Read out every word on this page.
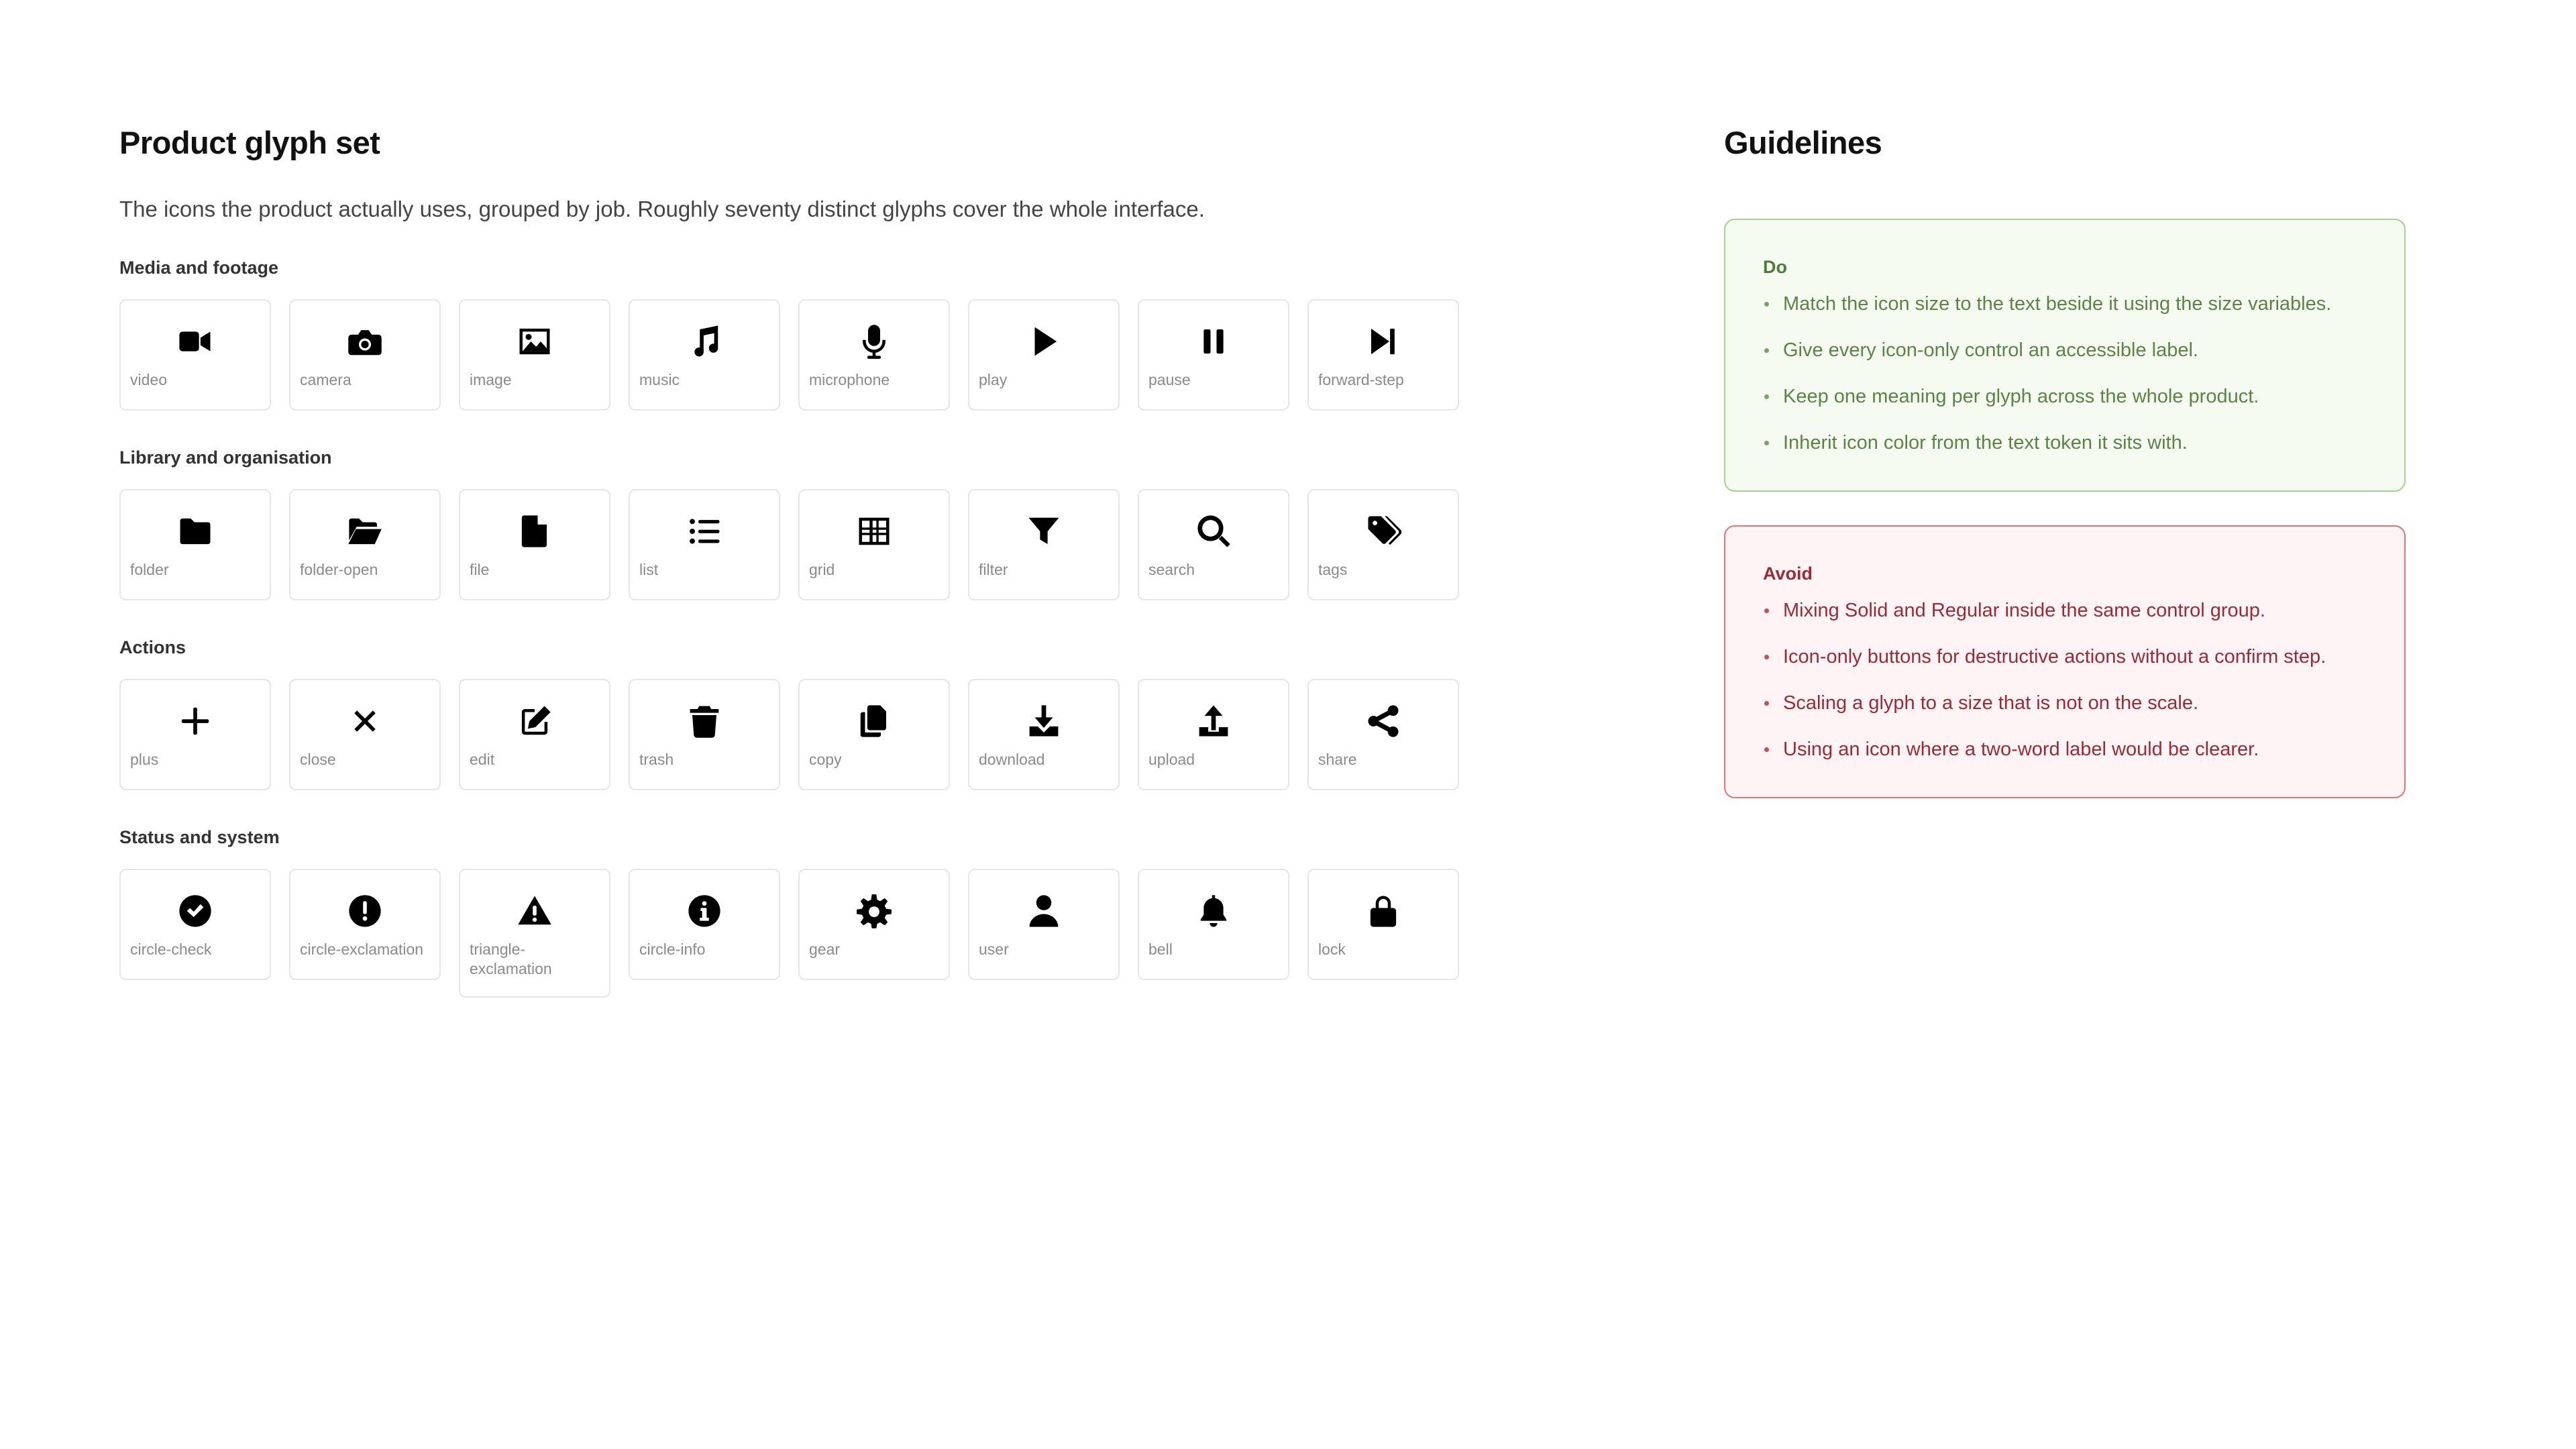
Product glyph set

The icons the product actually uses, grouped by job. Roughly seventy distinct glyphs cover the whole interface.

Media and footage
video	camera	image	music	microphone	play	pause	forward-step
Library and organisation
folder	folder-open	file	list	grid	filter	search	tags
Actions
plus	close	edit	trash	copy	download	upload	share
Status and system
circle-check	circle-exclamation	triangle-exclamation
circle-info	gear	user	bell	lock
Guidelines
Do
Match the icon size to the text beside it using the size variables.
Give every icon-only control an accessible label.
Keep one meaning per glyph across the whole product.
Inherit icon color from the text token it sits with.
Avoid
Mixing Solid and Regular inside the same control group.
Icon-only buttons for destructive actions without a confirm step.
Scaling a glyph to a size that is not on the scale.
Using an icon where a two-word label would be clearer.
